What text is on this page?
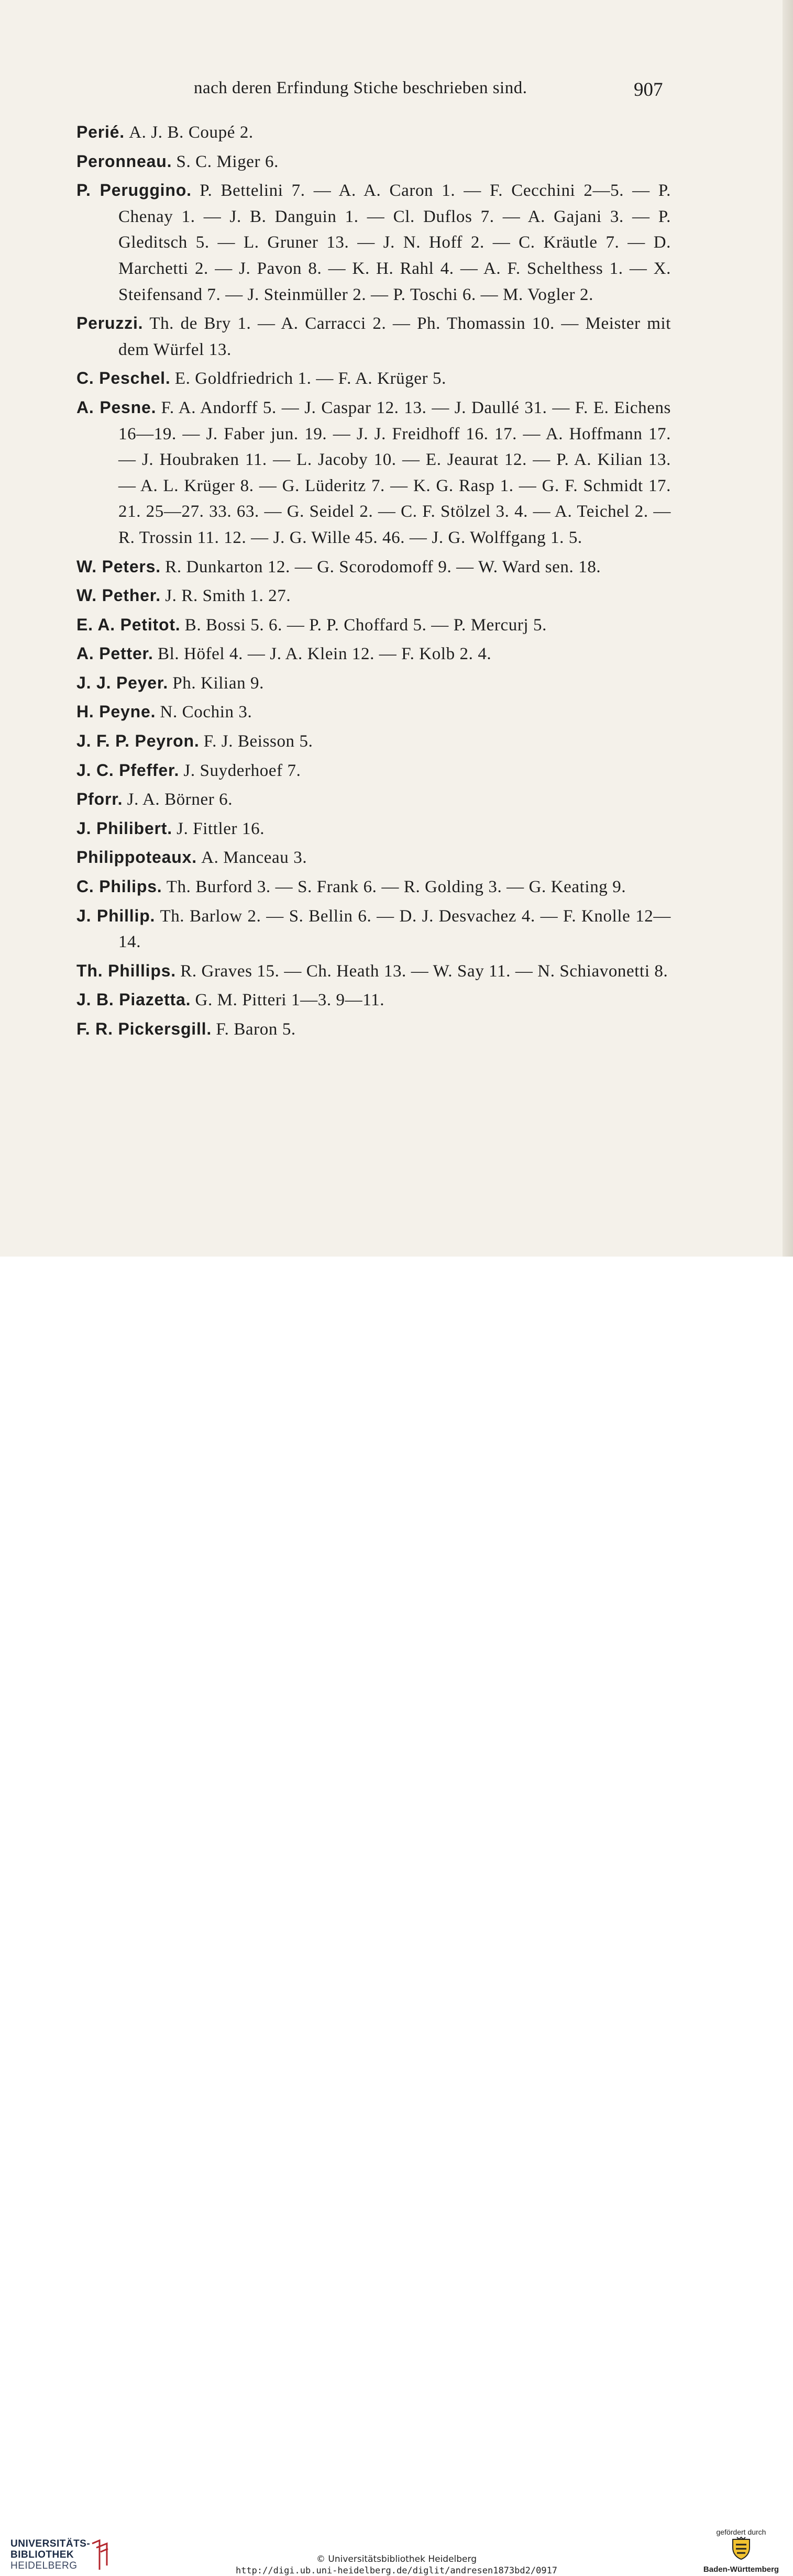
nach deren Erfindung Stiche beschrieben sind.	907

Perié. A. J. B. Coupé 2.

Peronneau. S. C. Miger 6.

P. Peruggino. P. Bettelini 7. — A. A. Caron 1. — F. Cecchini 2—5. — P. Chenay 1. — J. B. Danguin 1. — Cl. Duflos 7. — A. Gajani 3. — P. Gleditsch 5. — L. Gruner 13. — J. N. Hoff 2. — C. Kräutle 7. — D. Marchetti 2. — J. Pavon 8. — K. H. Rahl 4. — A. F. Schelthess 1. — X. Steifensand 7. — J. Steinmüller 2. — P. Toschi 6. — M. Vogler 2.

Peruzzi. Th. de Bry 1. — A. Carracci 2. — Ph. Thomassin 10. — Meister mit dem Würfel 13.

C. Peschel. E. Goldfriedrich 1. — F. A. Krüger 5.

A. Pesne. F. A. Andorff 5. — J. Caspar 12. 13. — J. Daullé 31. — F. E. Eichens 16—19. — J. Faber jun. 19. — J. J. Freidhoff 16. 17. — A. Hoffmann 17. — J. Houbraken 11. — L. Jacoby 10. — E. Jeaurat 12. — P. A. Kilian 13. — A. L. Krüger 8. — G. Lüderitz 7. — K. G. Rasp 1. — G. F. Schmidt 17. 21. 25—27. 33. 63. — G. Seidel 2. — C. F. Stölzel 3. 4. — A. Teichel 2. — R. Trossin 11. 12. — J. G. Wille 45. 46. — J. G. Wolffgang 1. 5.

W. Peters. R. Dunkarton 12. — G. Scorodomoff 9. — W. Ward sen. 18.

W. Pether. J. R. Smith 1. 27.

E. A. Petitot. B. Bossi 5. 6. — P. P. Choffard 5. — P. Mercurj 5.

A. Petter. Bl. Höfel 4. — J. A. Klein 12. — F. Kolb 2. 4.

J. J. Peyer. Ph. Kilian 9.

H. Peyne. N. Cochin 3.

J. F. P. Peyron. F. J. Beisson 5.

J. C. Pfeffer. J. Suyderhoef 7.

Pforr. J. A. Börner 6.

J. Philibert. J. Fittler 16.

Philippoteaux. A. Manceau 3.

C. Philips. Th. Burford 3. — S. Frank 6. — R. Golding 3. — G. Keating 9.

J. Phillip. Th. Barlow 2. — S. Bellin 6. — D. J. Desvachez 4. — F. Knolle 12—14.

Th. Phillips. R. Graves 15. — Ch. Heath 13. — W. Say 11. — N. Schiavonetti 8.

J. B. Piazetta. G. M. Pitteri 1—3. 9—11.

F. R. Pickersgill. F. Baron 5.

UNIVERSITÄTS-
BIBLIOTHEK
HEIDELBERG
© Universitätsbibliothek Heidelberg
http://digi.ub.uni-heidelberg.de/diglit/andresen1873bd2/0917
gefördert durch
Baden-Württemberg
